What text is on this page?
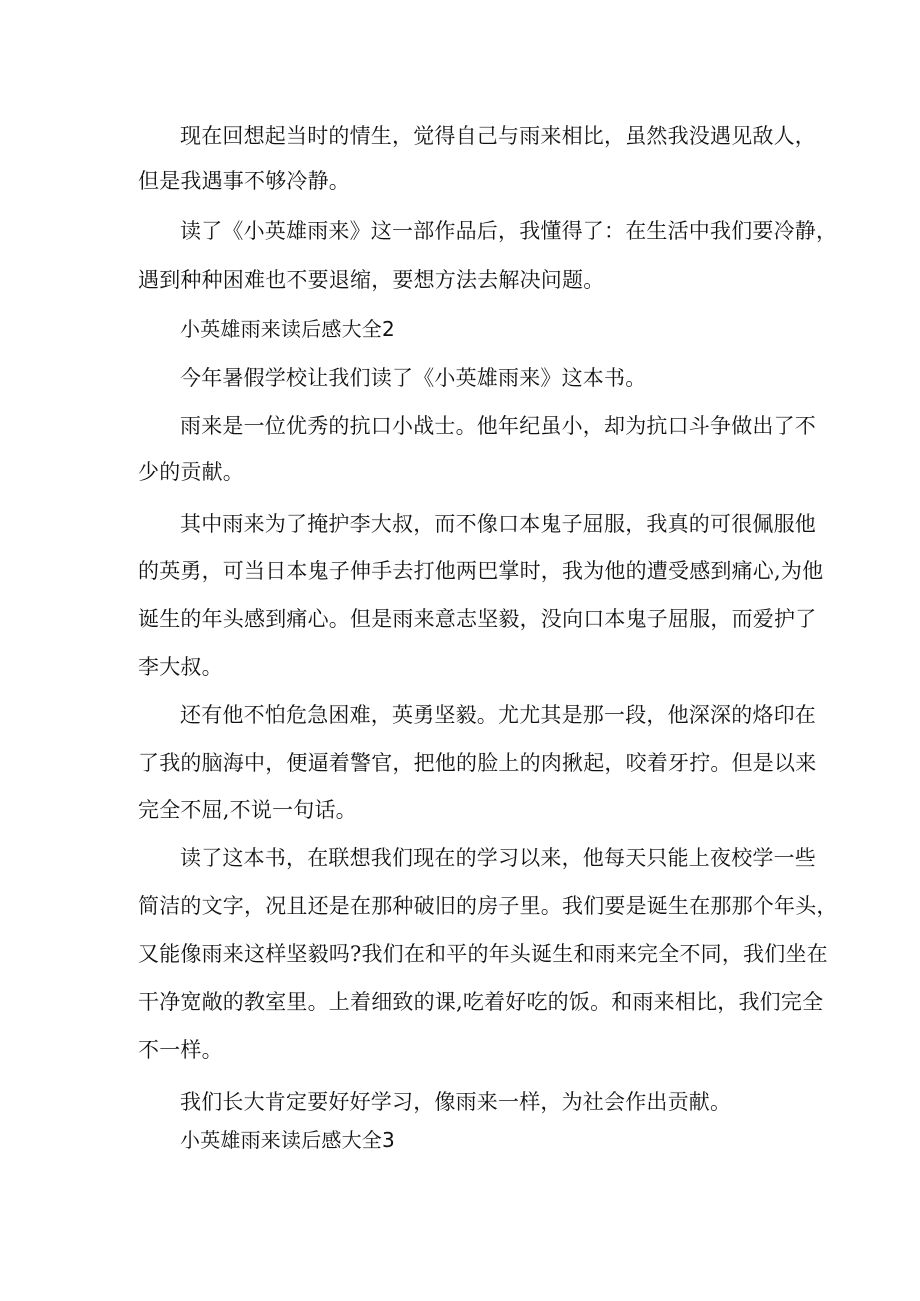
现在回想起当时的情生，觉得自己与雨来相比，虽然我没遇见敌人，

但是我遇事不够冷静。

读了《小英雄雨来》这一部作品后，我懂得了：在生活中我们要冷静，

遇到种种困难也不要退缩，要想方法去解决问题。

小英雄雨来读后感大全2

今年暑假学校让我们读了《小英雄雨来》这本书。

雨来是一位优秀的抗口小战士。他年纪虽小，却为抗口斗争做出了不

少的贡献。

其中雨来为了掩护李大叔，而不像口本鬼子屈服，我真的可很佩服他

的英勇，可当日本鬼子伸手去打他两巴掌时，我为他的遭受感到痛心,为他

诞生的年头感到痛心。但是雨来意志坚毅，没向口本鬼子屈服，而爱护了

李大叔。

还有他不怕危急困难，英勇坚毅。尤尤其是那一段，他深深的烙印在

了我的脑海中，便逼着警官，把他的脸上的肉揪起，咬着牙拧。但是以来

完全不屈,不说一句话。

读了这本书，在联想我们现在的学习以来，他每天只能上夜校学一些

简洁的文字，况且还是在那种破旧的房子里。我们要是诞生在那那个年头，

又能像雨来这样坚毅吗?我们在和平的年头诞生和雨来完全不同，我们坐在

干净宽敞的教室里。上着细致的课,吃着好吃的饭。和雨来相比，我们完全

不一样。

我们长大肯定要好好学习，像雨来一样，为社会作出贡献。

小英雄雨来读后感大全3
